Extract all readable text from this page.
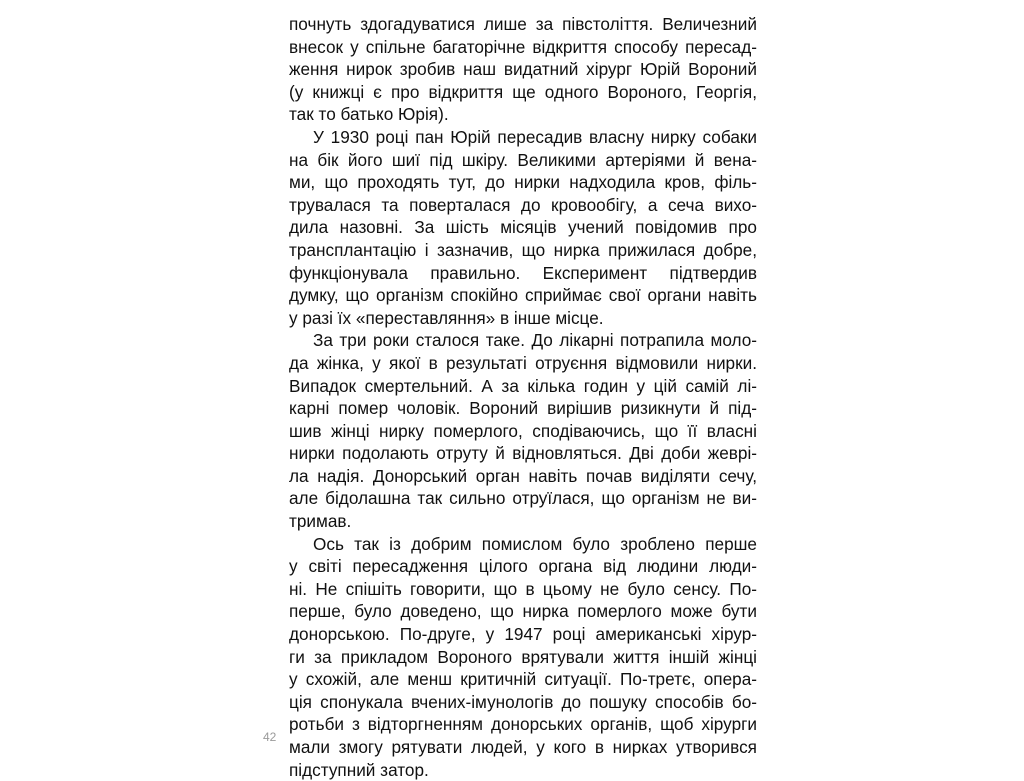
почнуть здогадуватися лише за півстоліття. Величезний
внесок у спільне багаторічне відкриття способу пересад-
ження нирок зробив наш видатний хірург Юрій Вороний
(у книжці є про відкриття ще одного Вороного, Георгія,
так то батько Юрія).
У 1930 році пан Юрій пересадив власну нирку собаки
на бік його шиї під шкіру. Великими артеріями й вена-
ми, що проходять тут, до нирки надходила кров, філь-
трувалася та поверталася до кровообігу, а сеча вихо-
дила назовні. За шість місяців учений повідомив про
трансплантацію і зазначив, що нирка прижилася добре,
функціонувала правильно. Експеримент підтвердив
думку, що організм спокійно сприймає свої органи навіть
у разі їх «переставляння» в інше місце.
За три роки сталося таке. До лікарні потрапила моло-
да жінка, у якої в результаті отруєння відмовили нирки.
Випадок смертельний. А за кілька годин у цій самій лі-
карні помер чоловік. Вороний вирішив ризикнути й під-
шив жінці нирку померлого, сподіваючись, що її власні
нирки подолають отруту й відновляться. Дві доби жеврі-
ла надія. Донорський орган навіть почав виділяти сечу,
але бідолашна так сильно отруїлася, що організм не ви-
тримав.
Ось так із добрим помислом було зроблено перше
у світі пересадження цілого органа від людини люди-
ні. Не спішіть говорити, що в цьому не було сенсу. По-
перше, було доведено, що нирка померлого може бути
донорською. По-друге, у 1947 році американські хірур-
ги за прикладом Вороного врятували життя іншій жінці
у схожій, але менш критичній ситуації. По-третє, опера-
ція спонукала вчених-імунологів до пошуку способів бо-
ротьби з відторгненням донорських органів, щоб хірурги
мали змогу рятувати людей, у кого в нирках утворився
підступний затор.
42
